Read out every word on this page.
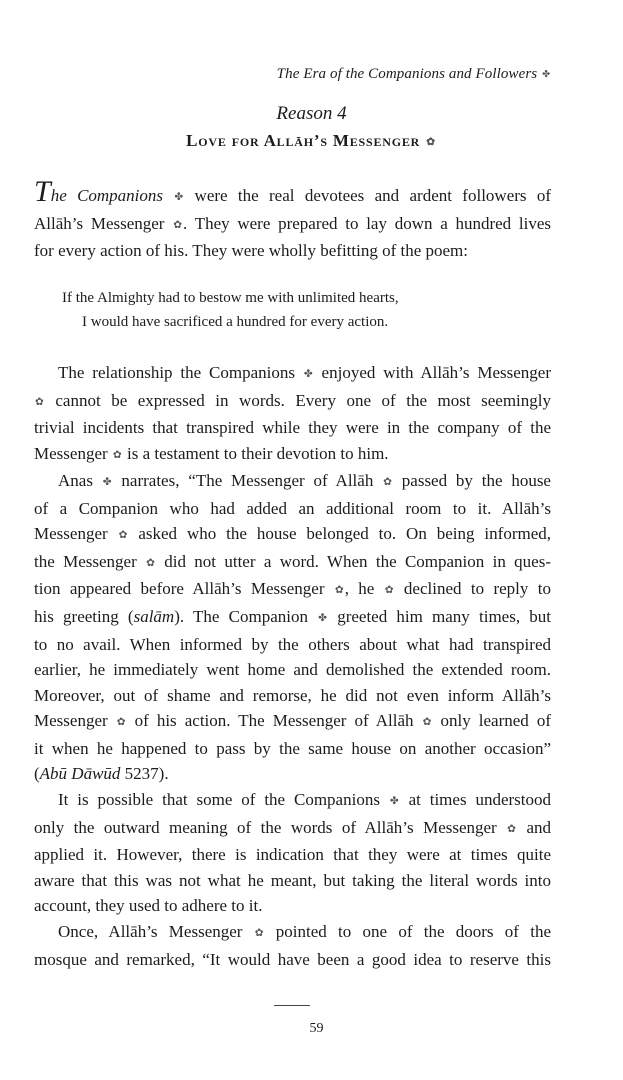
The Era of the Companions and Followers ✤
Reason 4
Love for Allāh’s Messenger ✿
The Companions ✤ were the real devotees and ardent followers of
Allāh’s Messenger ✿. They were prepared to lay down a hundred lives
for every action of his. They were wholly befitting of the poem:
If the Almighty had to bestow me with unlimited hearts,
I would have sacrificed a hundred for every action.
The relationship the Companions ✤ enjoyed with Allāh’s Messenger
✿ cannot be expressed in words. Every one of the most seemingly
trivial incidents that transpired while they were in the company of the
Messenger ✿ is a testament to their devotion to him.
Anas ✤ narrates, “The Messenger of Allāh ✿ passed by the house
of a Companion who had added an additional room to it. Allāh’s
Messenger ✿ asked who the house belonged to. On being informed,
the Messenger ✿ did not utter a word. When the Companion in ques-
tion appeared before Allāh’s Messenger ✿, he ✿ declined to reply to
his greeting (salām). The Companion ✤ greeted him many times, but
to no avail. When informed by the others about what had transpired
earlier, he immediately went home and demolished the extended room.
Moreover, out of shame and remorse, he did not even inform Allāh’s
Messenger ✿ of his action. The Messenger of Allāh ✿ only learned of
it when he happened to pass by the same house on another occasion”
(Abū Dāwūd 5237).
It is possible that some of the Companions ✤ at times understood
only the outward meaning of the words of Allāh’s Messenger ✿ and
applied it. However, there is indication that they were at times quite
aware that this was not what he meant, but taking the literal words into
account, they used to adhere to it.
Once, Allāh’s Messenger ✿ pointed to one of the doors of the
mosque and remarked, “It would have been a good idea to reserve this
59
